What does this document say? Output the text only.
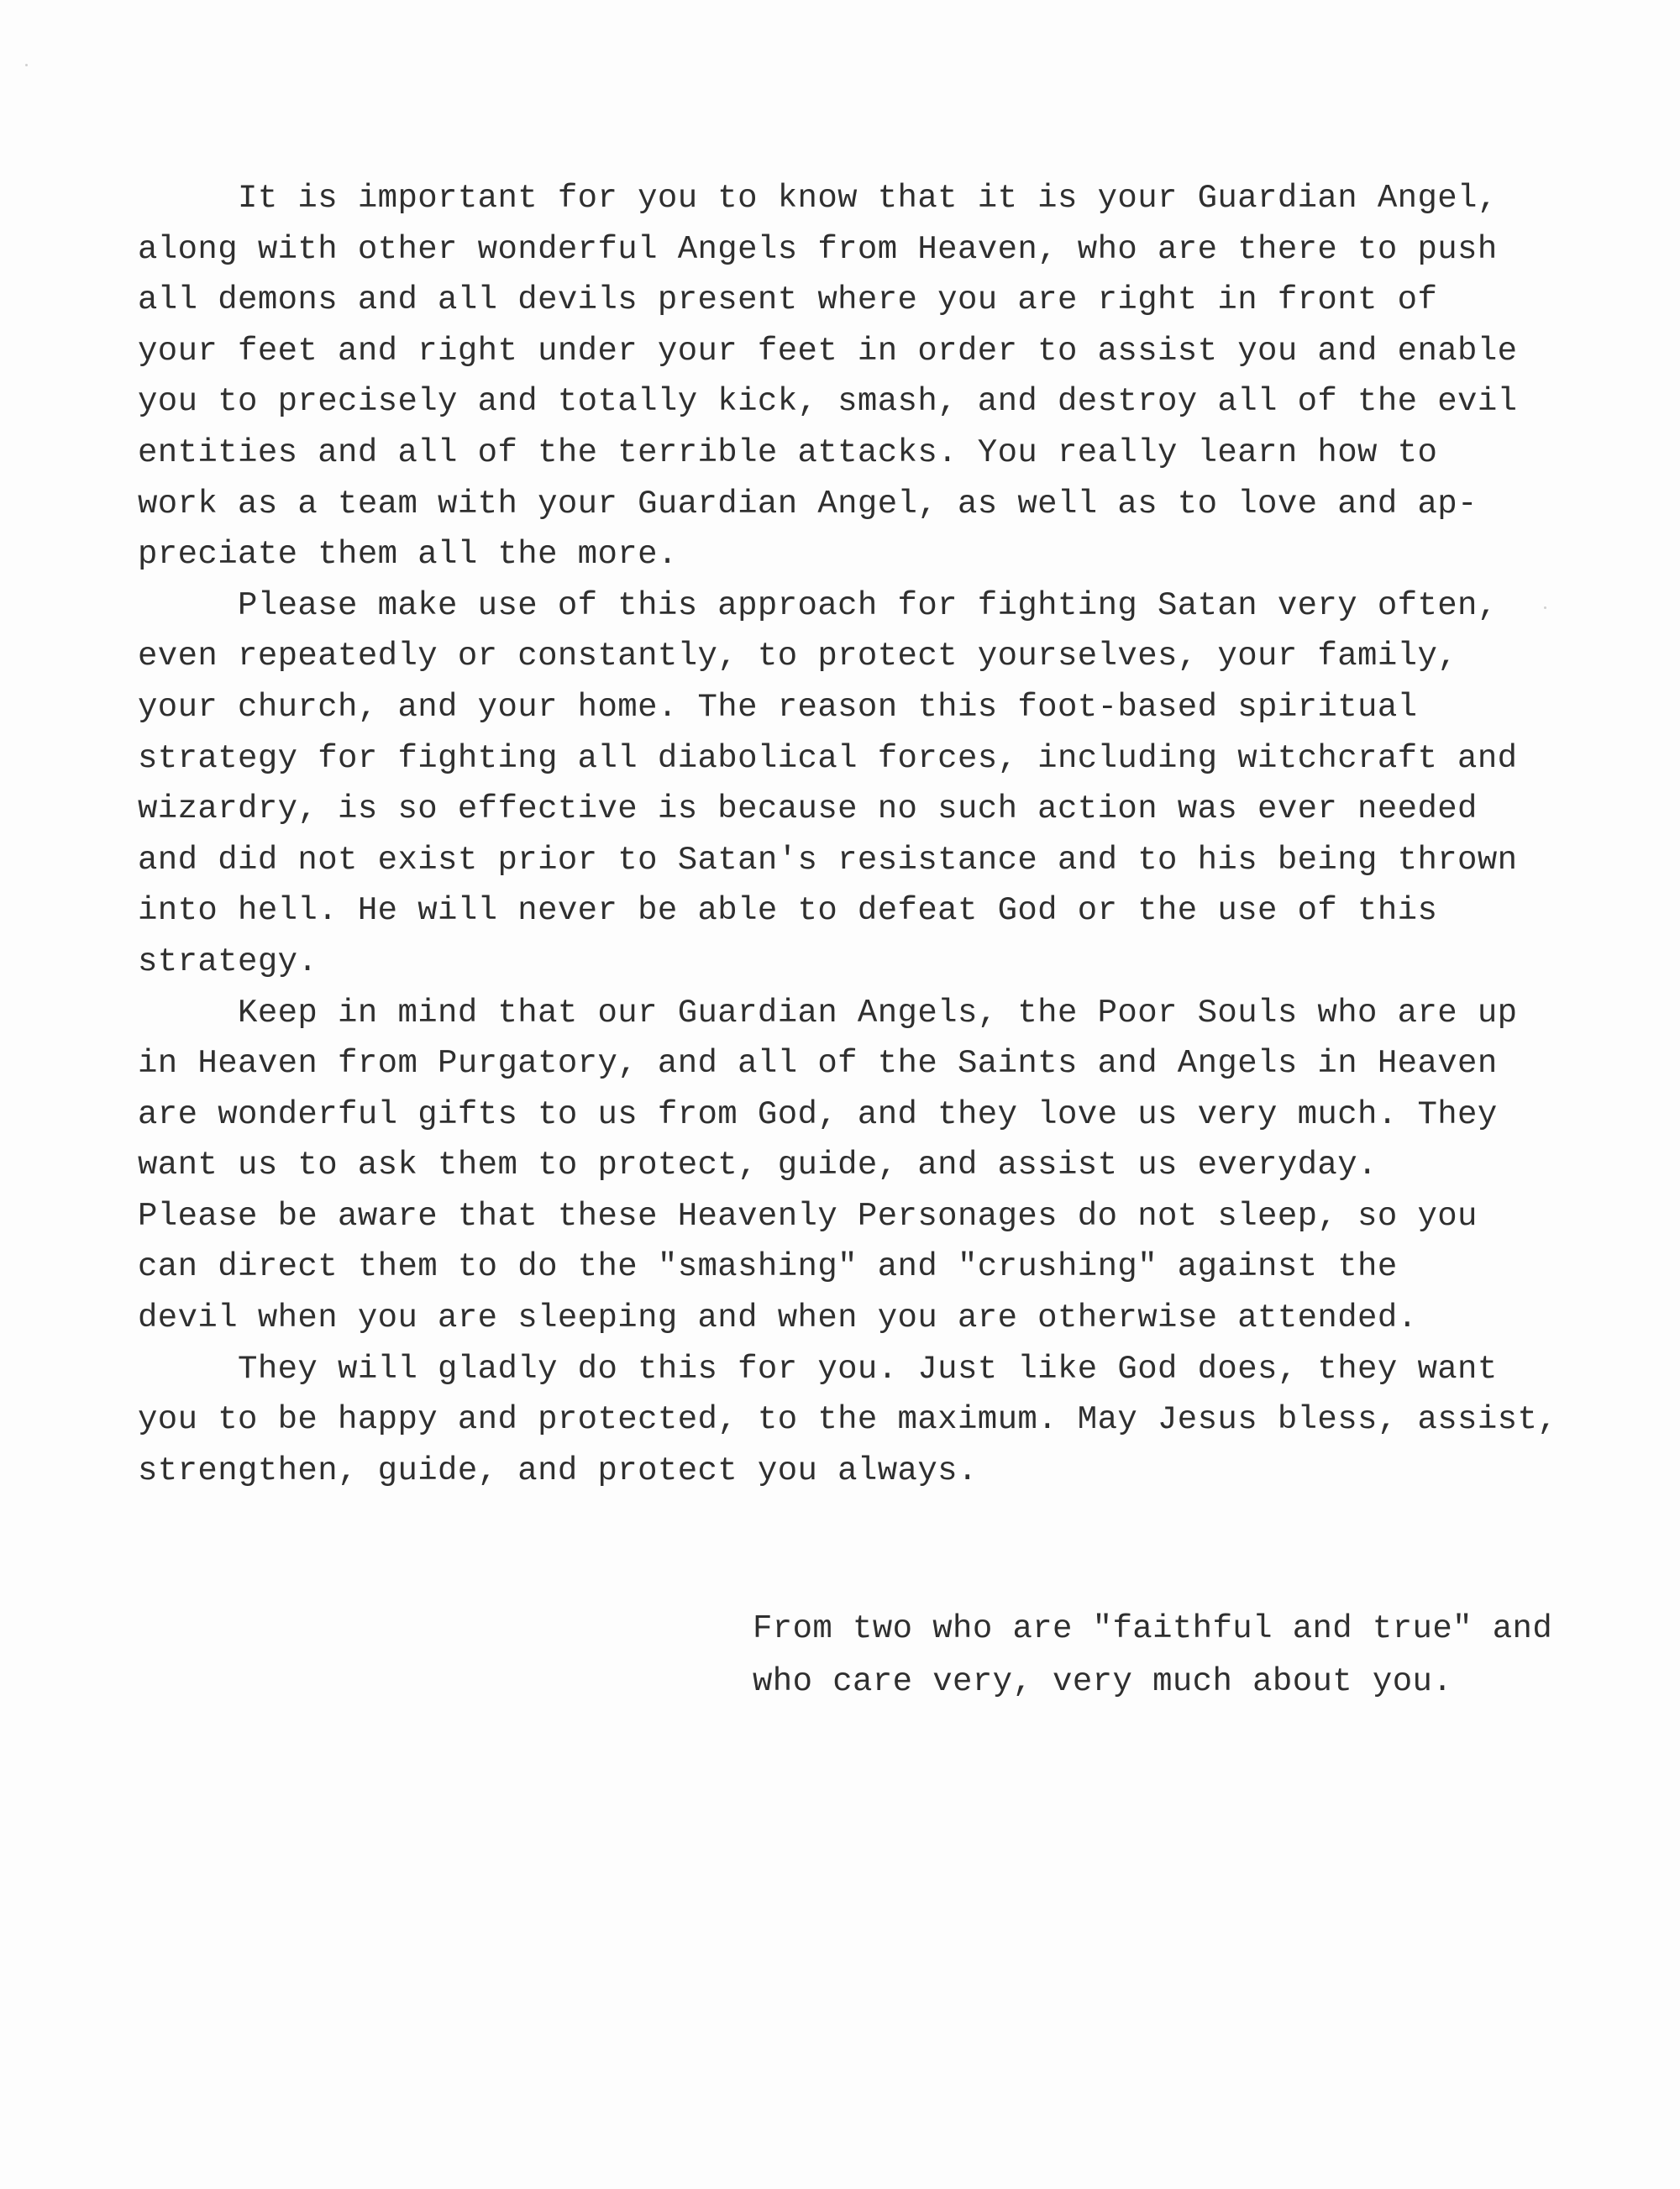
It is important for you to know that it is your Guardian Angel,
along with other wonderful Angels from Heaven, who are there to push
all demons and all devils present where you are right in front of
your feet and right under your feet in order to assist you and enable
you to precisely and totally kick, smash, and destroy all of the evil
entities and all of the terrible attacks. You really learn how to
work as a team with your Guardian Angel, as well as to love and ap-
preciate them all the more.
Please make use of this approach for fighting Satan very often,
even repeatedly or constantly, to protect yourselves, your family,
your church, and your home. The reason this foot-based spiritual
strategy for fighting all diabolical forces, including witchcraft and
wizardry, is so effective is because no such action was ever needed
and did not exist prior to Satan's resistance and to his being thrown
into hell. He will never be able to defeat God or the use of this
strategy.
Keep in mind that our Guardian Angels, the Poor Souls who are up
in Heaven from Purgatory, and all of the Saints and Angels in Heaven
are wonderful gifts to us from God, and they love us very much. They
want us to ask them to protect, guide, and assist us everyday.
Please be aware that these Heavenly Personages do not sleep, so you
can direct them to do the "smashing" and "crushing" against the
devil when you are sleeping and when you are otherwise attended.
They will gladly do this for you. Just like God does, they want
you to be happy and protected, to the maximum. May Jesus bless, assist,
strengthen, guide, and protect you always.
From two who are "faithful and true" and
who care very, very much about you.
